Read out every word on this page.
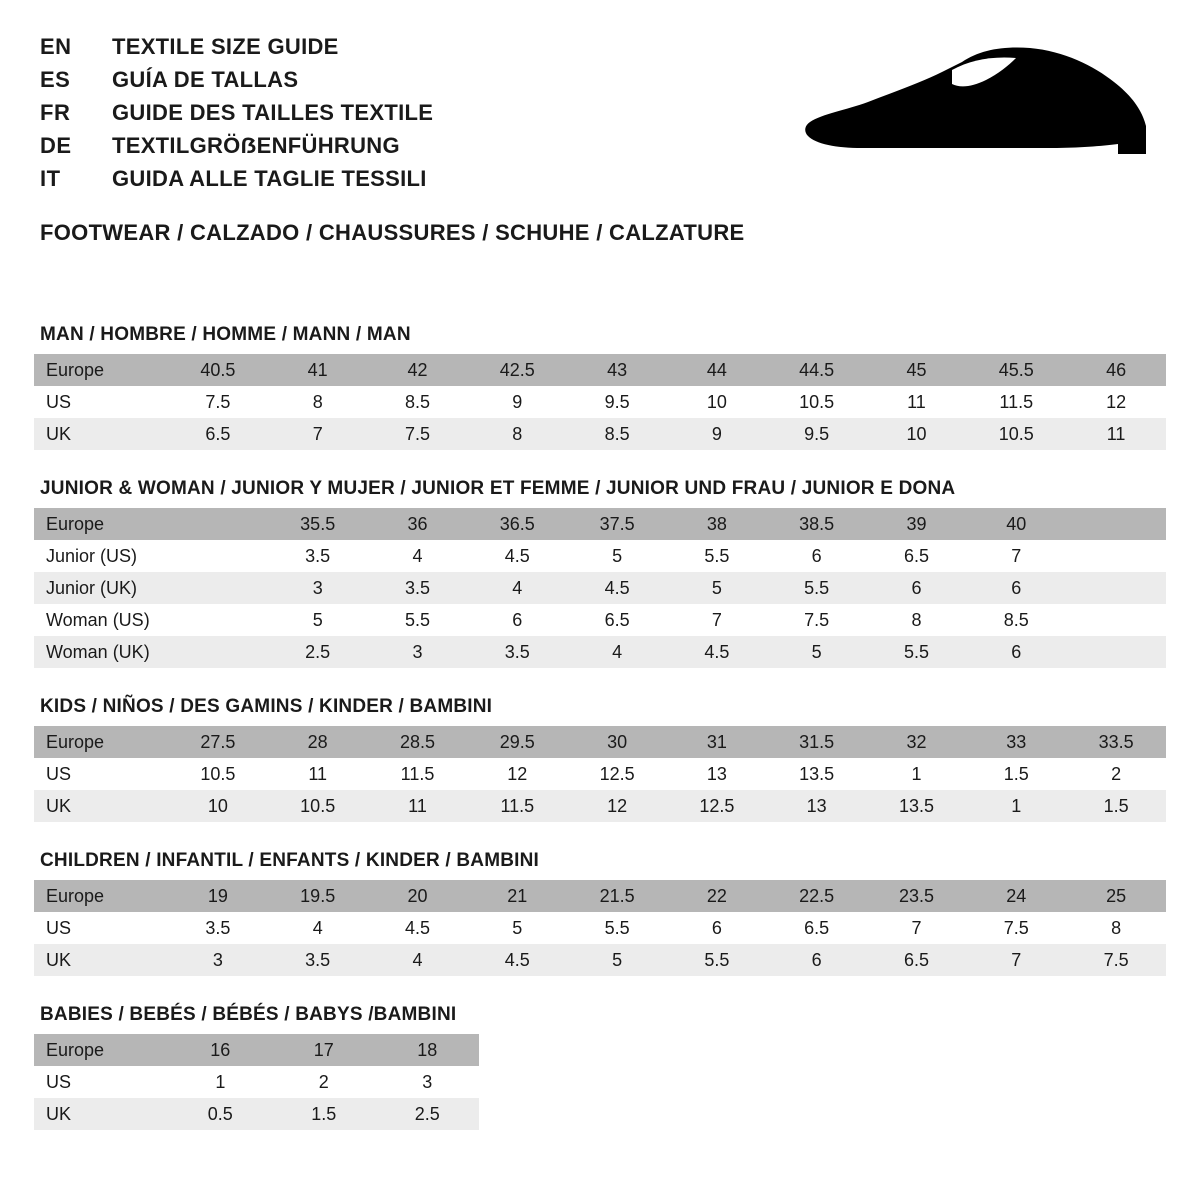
EN	TEXTILE SIZE GUIDE
ES	GUÍA DE TALLAS
FR	GUIDE DES TAILLES TEXTILE
DE	TEXTILGRÖẞENFÜHRUNG
IT	GUIDA ALLE TAGLIE TESSILI
FOOTWEAR / CALZADO / CHAUSSURES / SCHUHE / CALZATURE
MAN / HOMBRE / HOMME / MANN / MAN
Europe	40.5	41	42	42.5	43	44	44.5	45	45.5	46
US	7.5	8	8.5	9	9.5	10	10.5	11	11.5	12
UK	6.5	7	7.5	8	8.5	9	9.5	10	10.5	11
JUNIOR & WOMAN / JUNIOR Y MUJER / JUNIOR ET FEMME / JUNIOR UND FRAU / JUNIOR E DONA
Europe		35.5	36	36.5	37.5	38	38.5	39	40	
Junior (US)		3.5	4	4.5	5	5.5	6	6.5	7	
Junior (UK)		3	3.5	4	4.5	5	5.5	6	6	
Woman (US)		5	5.5	6	6.5	7	7.5	8	8.5	
Woman (UK)		2.5	3	3.5	4	4.5	5	5.5	6	
KIDS / NIÑOS / DES GAMINS / KINDER / BAMBINI
Europe	27.5	28	28.5	29.5	30	31	31.5	32	33	33.5
US	10.5	11	11.5	12	12.5	13	13.5	1	1.5	2
UK	10	10.5	11	11.5	12	12.5	13	13.5	1	1.5
CHILDREN / INFANTIL / ENFANTS / KINDER / BAMBINI
Europe	19	19.5	20	21	21.5	22	22.5	23.5	24	25
US	3.5	4	4.5	5	5.5	6	6.5	7	7.5	8
UK	3	3.5	4	4.5	5	5.5	6	6.5	7	7.5
BABIES / BEBÉS / BÉBÉS / BABYS /BAMBINI
Europe	16	17	18
US	1	2	3
UK	0.5	1.5	2.5
